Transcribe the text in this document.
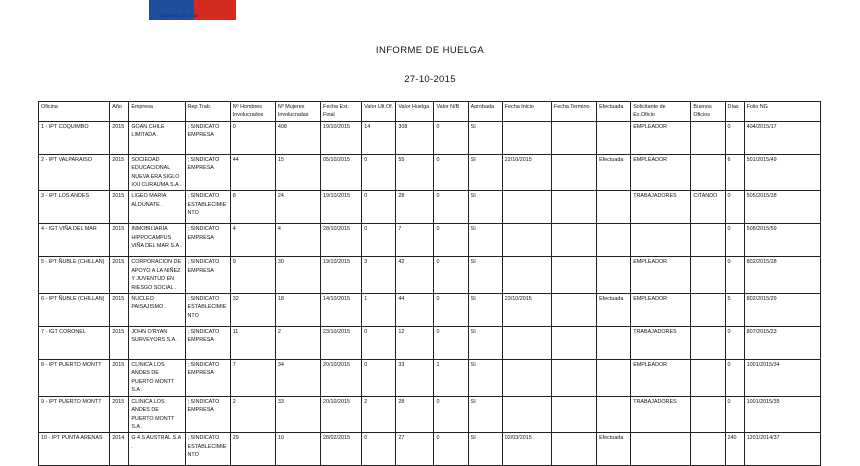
Gobierno de Chile
INFORME DE HUELGA
27-10-2015
Oficina	Año	Empresa	Rep.Trab.	Nº Hombres Involucrados	Nº Mujeres Involucradas	Fecha Ext. Final	Valor Ult.Of.	Valor Huelga	Valor N/B	Aprobada	Fecha Inicio	Fecha Termino	Efectuada	Solicitante de Ex.Oficio	Buenos Oficios	Días	Folio NG
1 - IPT COQUIMBO	2015	GOAN CHILE LIMITADA .	; SINDICATO EMPRESA	0	408	19/10/2015	14	308	0	SI				EMPLEADOR		0	404/2015/17
2 - IPT VALPARAISO	2015	SOCIEDAD EDUCACIONAL NUEVA ERA SIGLO XXI CURAUMA S.A .	; SINDICATO EMPRESA	44	15	05/10/2015	0	55	0	SI	22/10/2015		Efectuada	EMPLEADOR		6	501/2015/49
3 - IPT LOS ANDES	2015	LIGEO MARIA ALDUNATE .	; SINDICATO ESTABLECIMIENTO	8	24	19/10/2015	0	28	0	SI				TRABAJADORES	CITANDO	0	505/2015/28
4 - IGT VIÑA DEL MAR	2015	INMOBILIARIA HIPPOCAMPUS VIÑA DEL MAR S.A .	; SINDICATO EMPRESA	4	4	28/10/2015	0	7	0	SI						0	508/2015/59
5 - IPT ÑUBLE (CHILLAN)	2015	CORPORACION DE APOYO A LA NIÑEZ Y JUVENTUD EN RIESGO SOCIAL .	; SINDICATO EMPRESA	9	30	19/10/2015	3	42	0	SI				EMPLEADOR		0	802/2015/28
6 - IPT ÑUBLE (CHILLAN)	2015	NUCLEO PAISAJISMO .	; SINDICATO ESTABLECIMIENTO	32	18	14/10/2015	1	44	0	SI	23/10/2015		Efectuada	EMPLEADOR		5	802/2015/29
7 - IGT CORONEL	2015	JOHN O'RYAN SURVEYORS S.A .	; SINDICATO EMPRESA	11	2	23/10/2015	0	12	0	SI				TRABAJADORES		0	807/2015/23
8 - IPT PUERTO MONTT	2015	CLINICA LOS ANDES DE PUERTO MONTT S.A .	; SINDICATO EMPRESA	7	34	20/10/2015	0	33	1	SI				EMPLEADOR		0	1001/2015/34
9 - IPT PUERTO MONTT	2015	CLINICA LOS ANDES DE PUERTO MONTT S.A .	; SINDICATO EMPRESA	2	33	20/10/2015	2	28	0	SI				TRABAJADORES		0	1001/2015/35
10 - IPT PUNTA ARENAS	2014	G 4 S AUSTRAL S.A .	; SINDICATO ESTABLECIMIENTO	29	10	28/02/2015	0	27	0	SI	02/03/2015		Efectuada			240	1201/2014/37
